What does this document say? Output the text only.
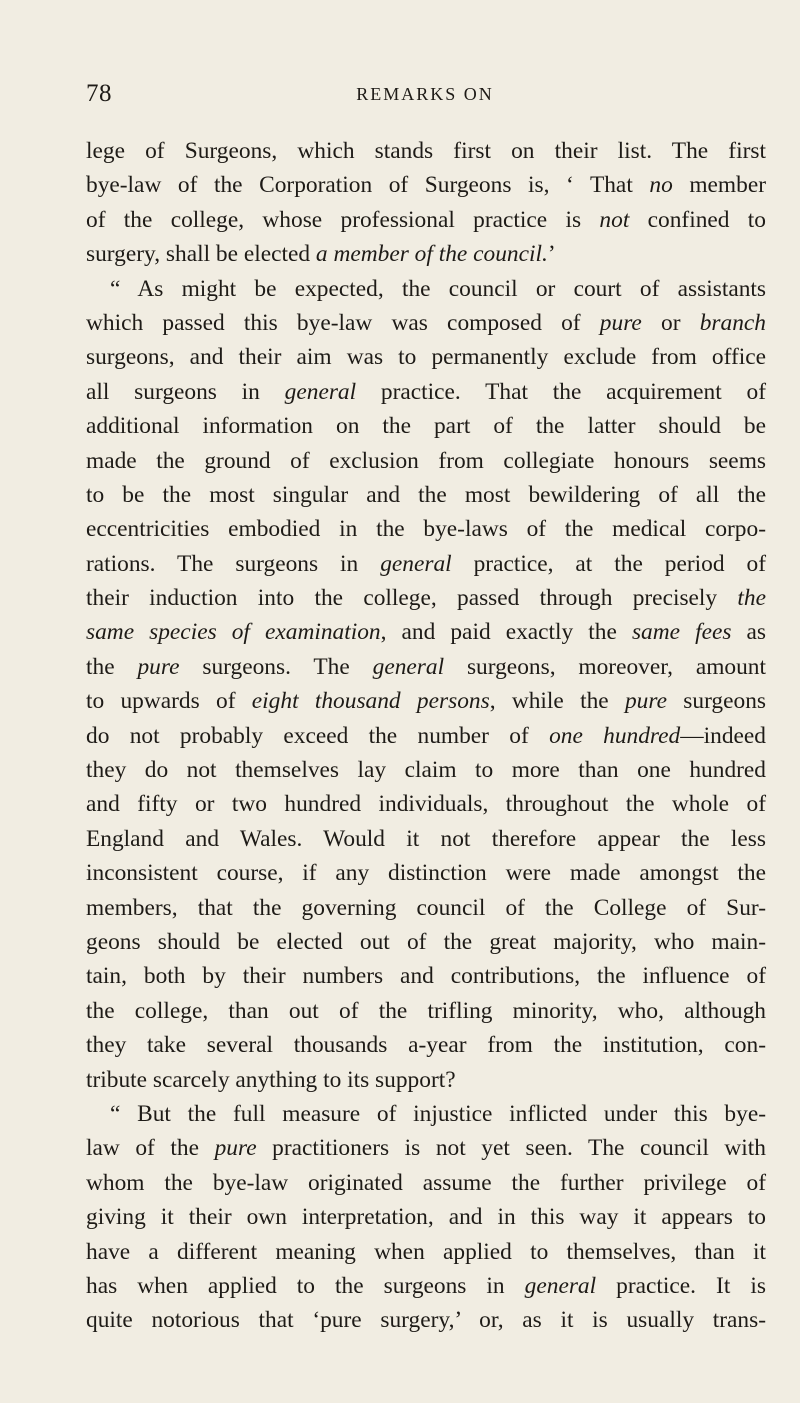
78	REMARKS ON
lege of Surgeons, which stands first on their list. The first
bye-law of the Corporation of Surgeons is, ‘ That no member
of the college, whose professional practice is not confined to
surgery, shall be elected a member of the council.’
“ As might be expected, the council or court of assistants
which passed this bye-law was composed of pure or branch
surgeons, and their aim was to permanently exclude from office
all surgeons in general practice. That the acquirement of
additional information on the part of the latter should be
made the ground of exclusion from collegiate honours seems
to be the most singular and the most bewildering of all the
eccentricities embodied in the bye-laws of the medical corpo-
rations. The surgeons in general practice, at the period of
their induction into the college, passed through precisely the
same species of examination, and paid exactly the same fees as
the pure surgeons. The general surgeons, moreover, amount
to upwards of eight thousand persons, while the pure surgeons
do not probably exceed the number of one hundred—indeed
they do not themselves lay claim to more than one hundred
and fifty or two hundred individuals, throughout the whole of
England and Wales. Would it not therefore appear the less
inconsistent course, if any distinction were made amongst the
members, that the governing council of the College of Sur-
geons should be elected out of the great majority, who main-
tain, both by their numbers and contributions, the influence of
the college, than out of the trifling minority, who, although
they take several thousands a-year from the institution, con-
tribute scarcely anything to its support?
“ But the full measure of injustice inflicted under this bye-
law of the pure practitioners is not yet seen. The council with
whom the bye-law originated assume the further privilege of
giving it their own interpretation, and in this way it appears to
have a different meaning when applied to themselves, than it
has when applied to the surgeons in general practice. It is
quite notorious that ‘pure surgery,’ or, as it is usually trans-
